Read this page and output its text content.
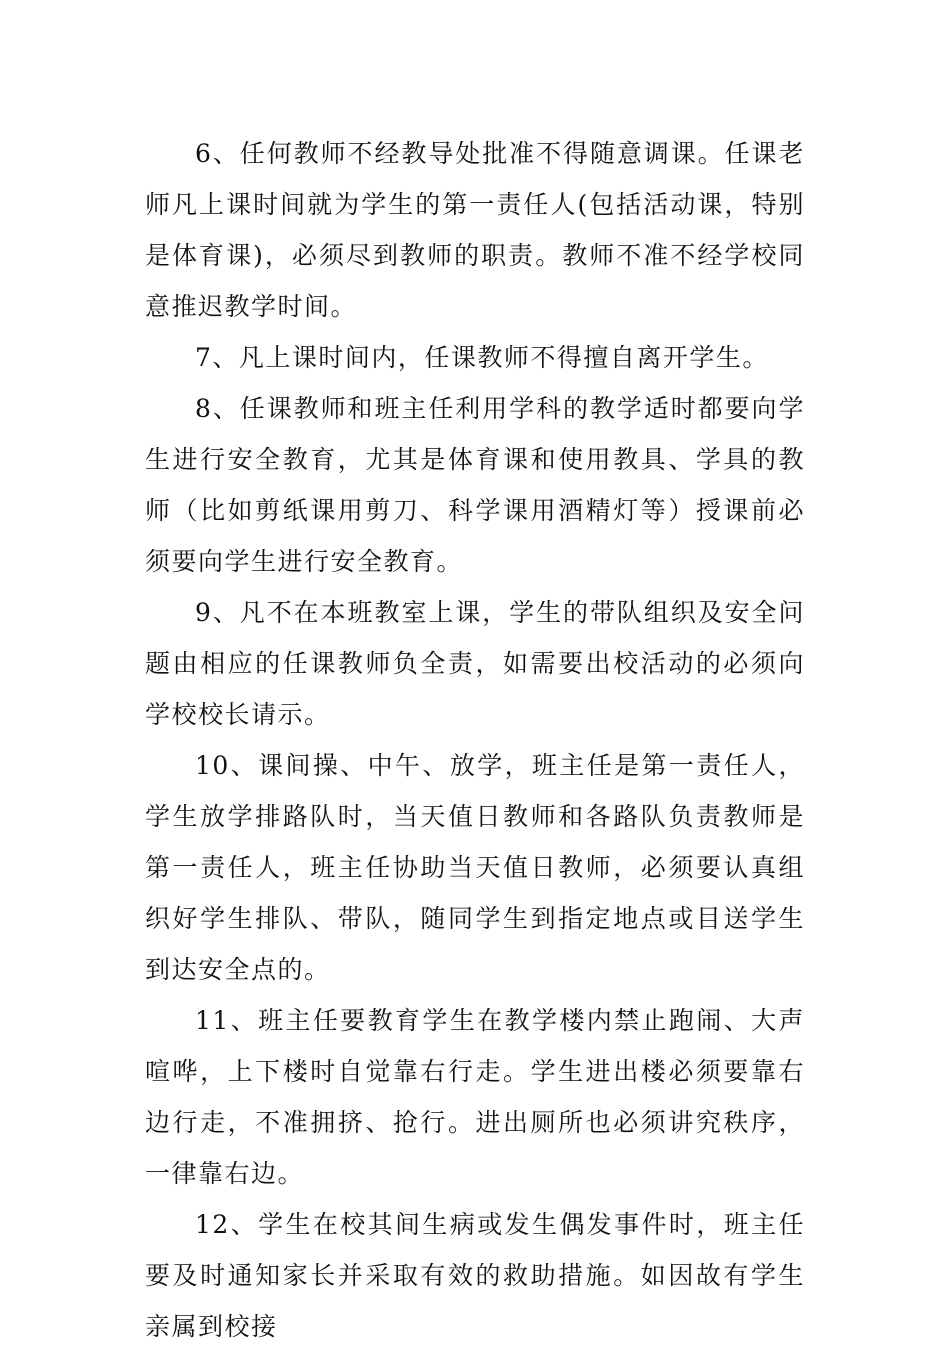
6、任何教师不经教导处批准不得随意调课。任课老师凡上课时间就为学生的第一责任人(包括活动课，特别是体育课)，必须尽到教师的职责。教师不准不经学校同意推迟教学时间。

7、凡上课时间内，任课教师不得擅自离开学生。

8、任课教师和班主任利用学科的教学适时都要向学生进行安全教育，尤其是体育课和使用教具、学具的教师（比如剪纸课用剪刀、科学课用酒精灯等）授课前必须要向学生进行安全教育。

9、凡不在本班教室上课，学生的带队组织及安全问题由相应的任课教师负全责，如需要出校活动的必须向学校校长请示。

10、课间操、中午、放学，班主任是第一责任人，学生放学排路队时，当天值日教师和各路队负责教师是第一责任人，班主任协助当天值日教师，必须要认真组织好学生排队、带队，随同学生到指定地点或目送学生到达安全点的。

11、班主任要教育学生在教学楼内禁止跑闹、大声喧哗，上下楼时自觉靠右行走。学生进出楼必须要靠右边行走，不准拥挤、抢行。进出厕所也必须讲究秩序，一律靠右边。

12、学生在校其间生病或发生偶发事件时，班主任要及时通知家长并采取有效的救助措施。如因故有学生亲属到校接
